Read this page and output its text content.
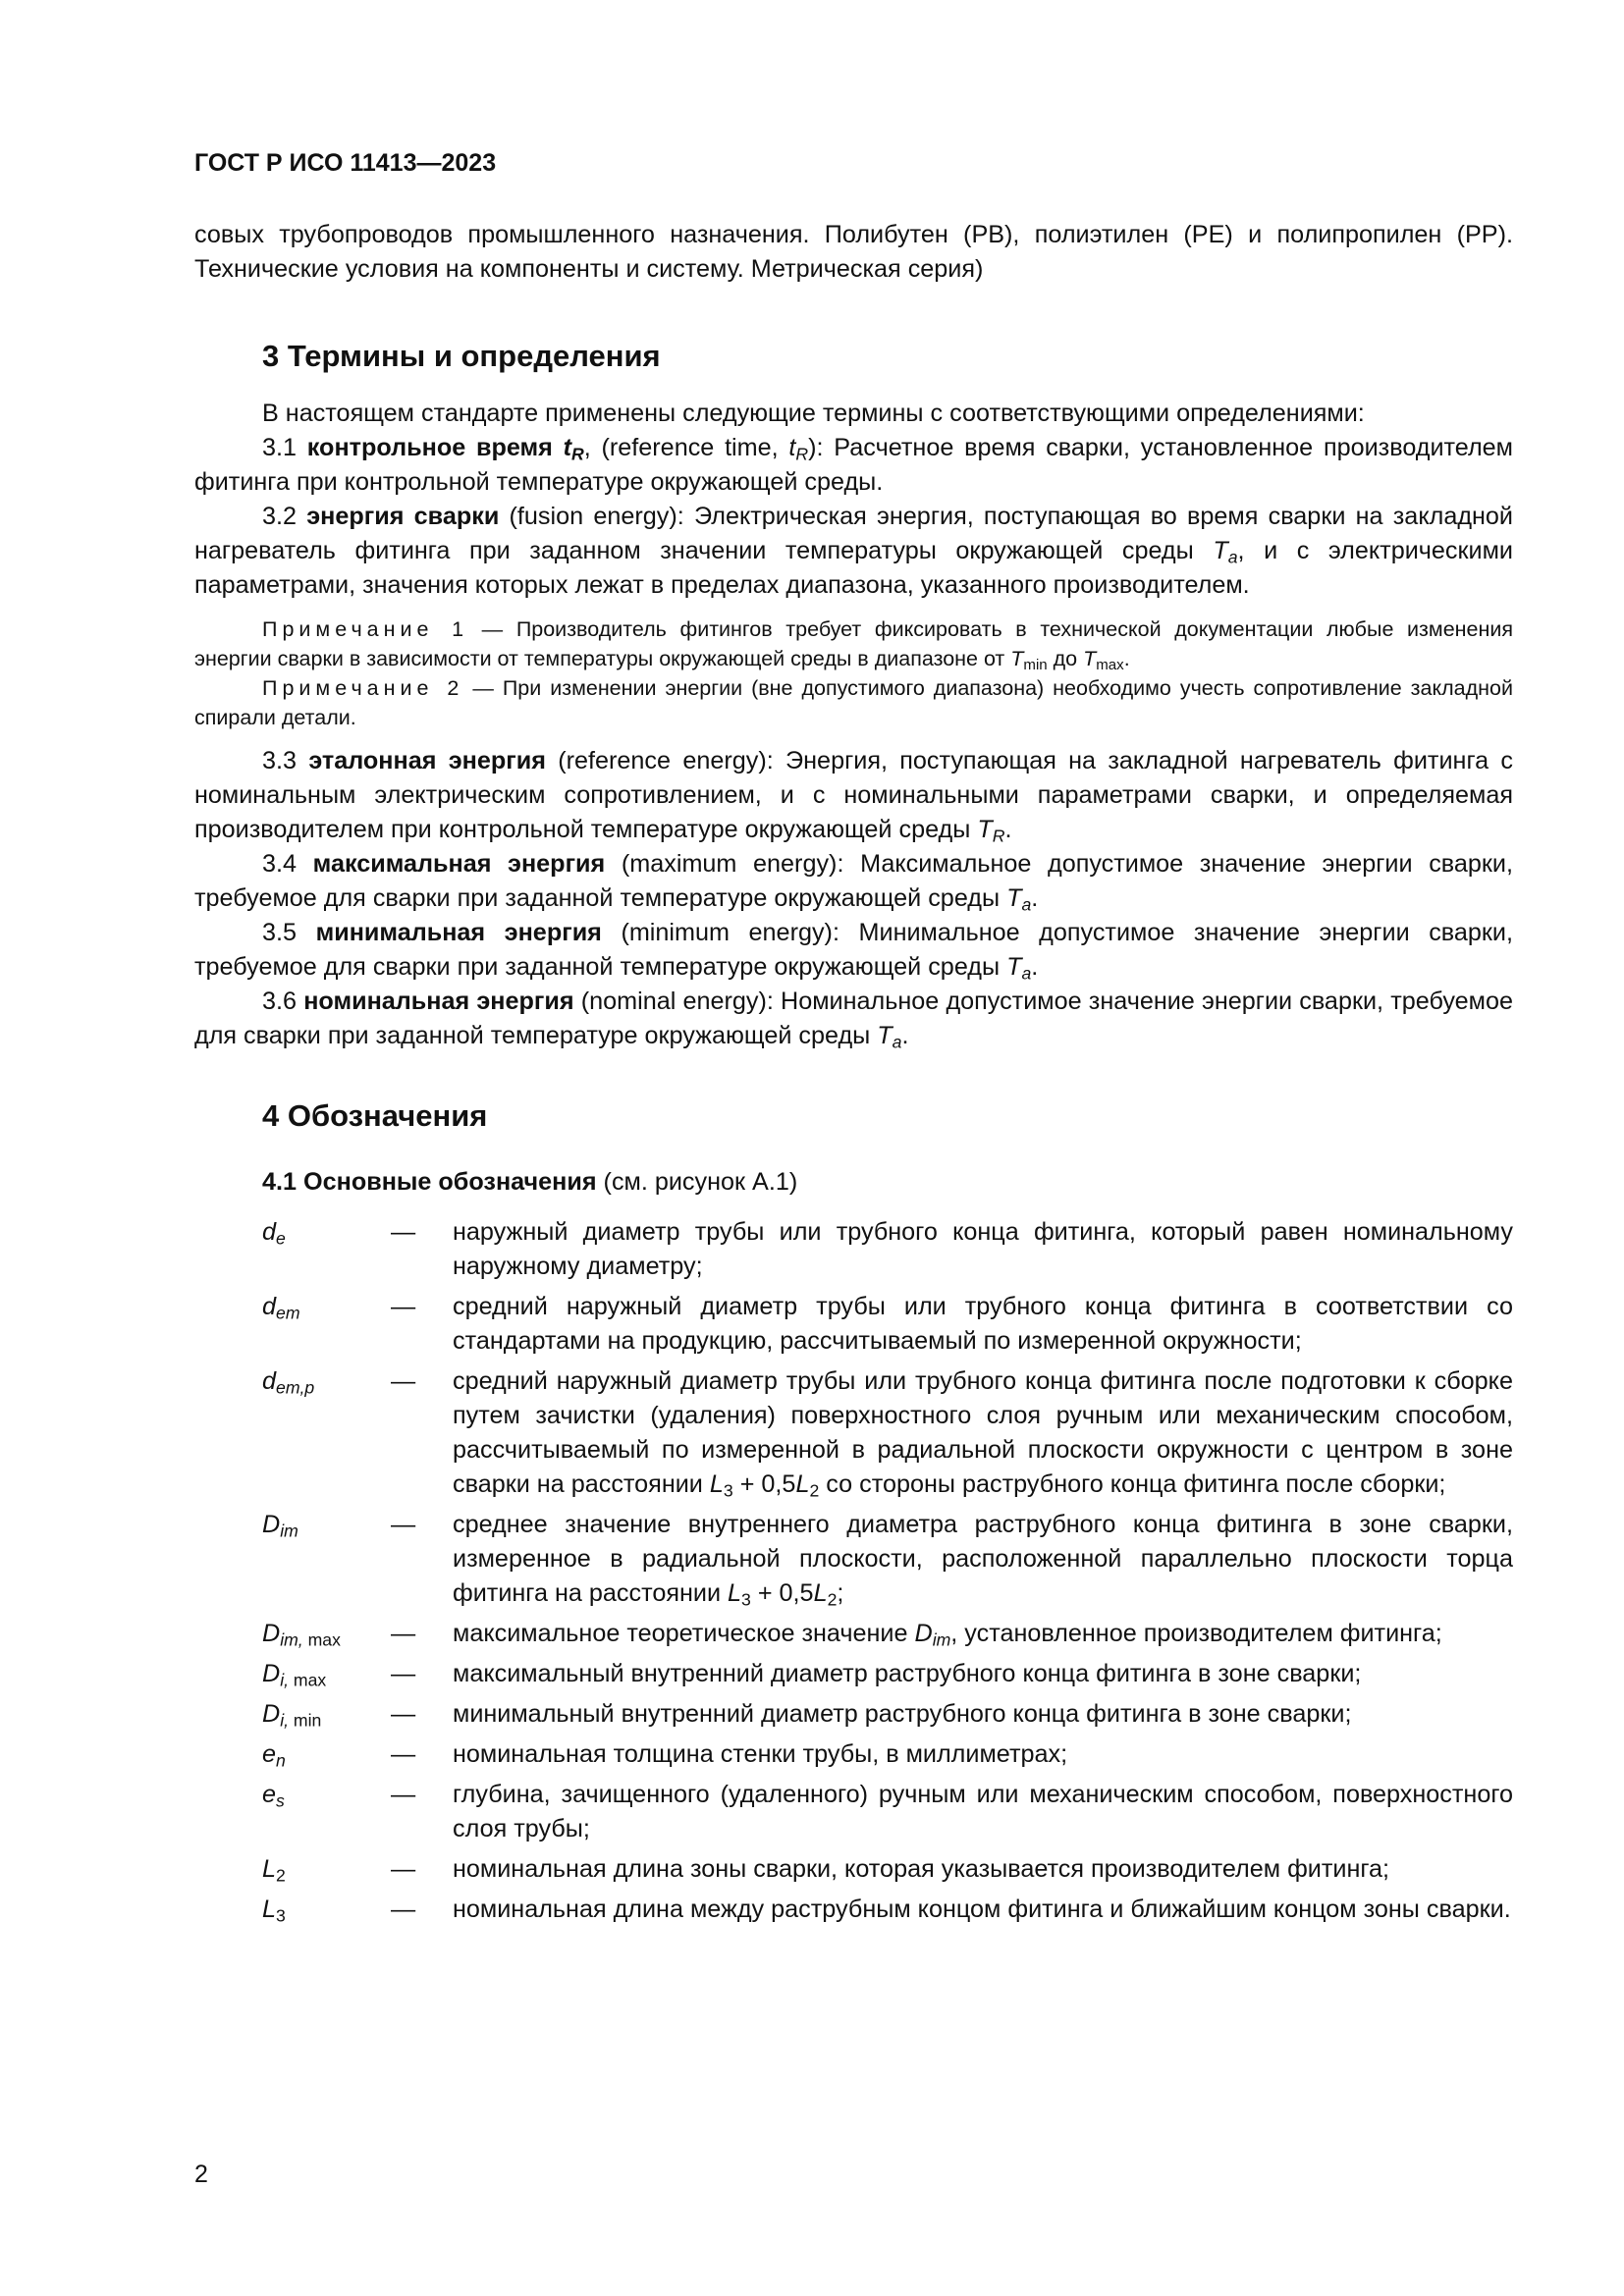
ГОСТ Р ИСО 11413—2023

совых трубопроводов промышленного назначения. Полибутен (PB), полиэтилен (PE) и полипропилен (PP). Технические условия на компоненты и систему. Метрическая серия)

3 Термины и определения

В настоящем стандарте применены следующие термины с соответствующими определениями:

3.1 контрольное время $t_R$, (reference time, $t_R$): Расчетное время сварки, установленное производителем фитинга при контрольной температуре окружающей среды.

3.2 энергия сварки (fusion energy): Электрическая энергия, поступающая во время сварки на закладной нагреватель фитинга при заданном значении температуры окружающей среды $T_a$, и с электрическими параметрами, значения которых лежат в пределах диапазона, указанного производителем.

Примечание 1 — Производитель фитингов требует фиксировать в технической документации любые изменения энергии сварки в зависимости от температуры окружающей среды в диапазоне от $T_{min}$ до $T_{max}$.

Примечание 2 — При изменении энергии (вне допустимого диапазона) необходимо учесть сопротивление закладной спирали детали.

3.3 эталонная энергия (reference energy): Энергия, поступающая на закладной нагреватель фитинга с номинальным электрическим сопротивлением, и с номинальными параметрами сварки, и определяемая производителем при контрольной температуре окружающей среды $T_R$.

3.4 максимальная энергия (maximum energy): Максимальное допустимое значение энергии сварки, требуемое для сварки при заданной температуре окружающей среды $T_a$.

3.5 минимальная энергия (minimum energy): Минимальное допустимое значение энергии сварки, требуемое для сварки при заданной температуре окружающей среды $T_a$.

3.6 номинальная энергия (nominal energy): Номинальное допустимое значение энергии сварки, требуемое для сварки при заданной температуре окружающей среды $T_a$.

4 Обозначения

4.1 Основные обозначения (см. рисунок А.1)

$d_e$	—	наружный диаметр трубы или трубного конца фитинга, который равен номинальному наружному диаметру;
$d_{em}$	—	средний наружный диаметр трубы или трубного конца фитинга в соответствии со стандартами на продукцию, рассчитываемый по измеренной окружности;
$d_{em,p}$	—	средний наружный диаметр трубы или трубного конца фитинга после подготовки к сборке путем зачистки (удаления) поверхностного слоя ручным или механическим способом, рассчитываемый по измеренной в радиальной плоскости окружности с центром в зоне сварки на расстоянии $L_3 + 0,5L_2$ со стороны раструбного конца фитинга после сборки;
$D_{im}$	—	среднее значение внутреннего диаметра раструбного конца фитинга в зоне сварки, измеренное в радиальной плоскости, расположенной параллельно плоскости торца фитинга на расстоянии $L_3 + 0,5L_2$;
$D_{im, max}$	—	максимальное теоретическое значение $D_{im}$, установленное производителем фитинга;
$D_{i, max}$	—	максимальный внутренний диаметр раструбного конца фитинга в зоне сварки;
$D_{i, min}$	—	минимальный внутренний диаметр раструбного конца фитинга в зоне сварки;
$e_n$	—	номинальная толщина стенки трубы, в миллиметрах;
$e_s$	—	глубина, зачищенного (удаленного) ручным или механическим способом, поверхностного слоя трубы;
$L_2$	—	номинальная длина зоны сварки, которая указывается производителем фитинга;
$L_3$	—	номинальная длина между раструбным концом фитинга и ближайшим концом зоны сварки.
2
